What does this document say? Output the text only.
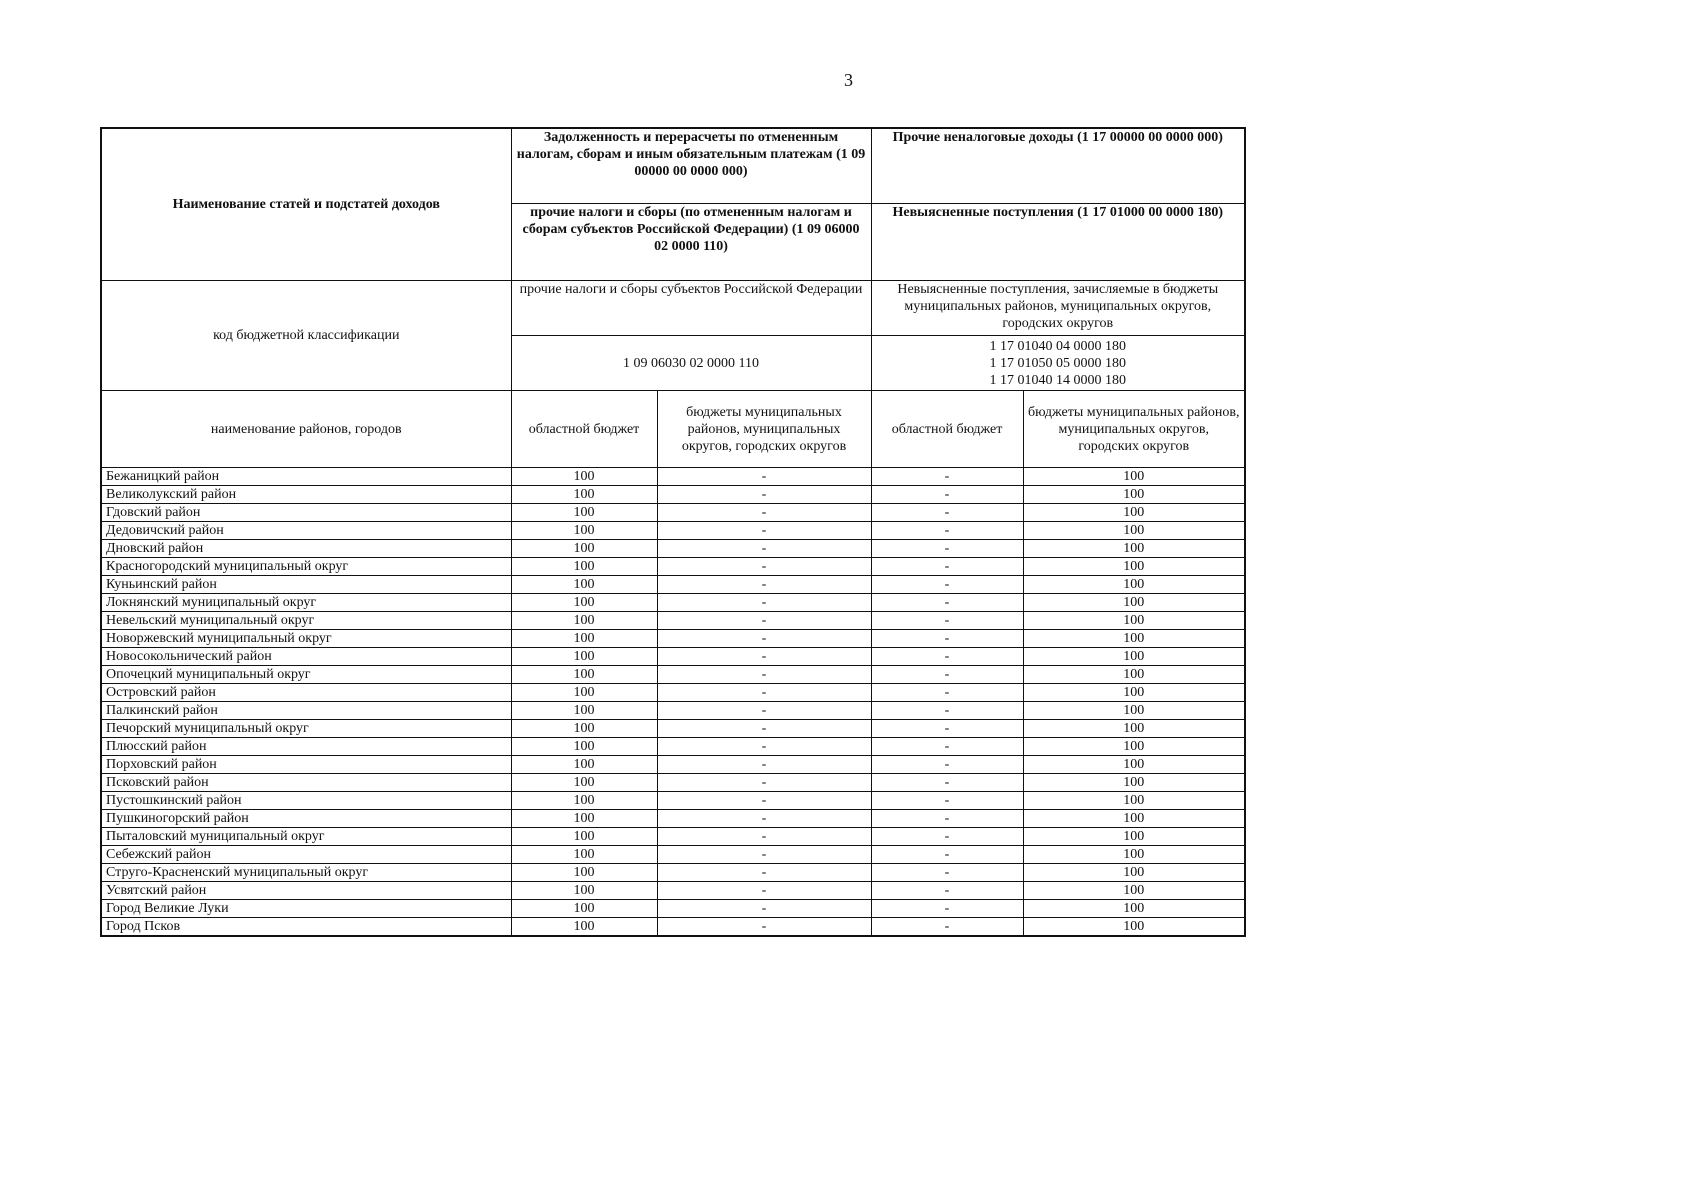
3
Наименование статей и подстатей доходов	Задолженность и перерасчеты по отмененным налогам, сборам и иным обязательным платежам (1 09 00000 00 0000 000)		Прочие неналоговые доходы (1 17 00000 00 0000 000)	
	прочие налоги и сборы (по отмененным налогам и сборам субъектов Российской Федерации) (1 09 06000 02 0000 110)		Невыясненные поступления (1 17 01000 00 0000 180)	
код бюджетной классификации	прочие налоги и сборы субъектов Российской Федерации		Невыясненные поступления, зачисляемые в бюджеты муниципальных районов, муниципальных округов, городских округов	
	1 09 06030 02 0000 110		1 17 01040 04 0000 180
1 17 01050 05 0000 180
1 17 01040 14 0000 180	

наименование районов, городов	областной бюджет	бюджеты муниципальных районов, муниципальных округов, городских округов	областной бюджет	бюджеты муниципальных районов, муниципальных округов, городских округов
Бежаницкий район	100	-	-	100
Великолукский район	100	-	-	100
Гдовский район	100	-	-	100
Дедовичский район	100	-	-	100
Дновский район	100	-	-	100
Красногородский муниципальный округ	100	-	-	100
Куньинский район	100	-	-	100
Локнянский муниципальный округ	100	-	-	100
Невельский муниципальный округ	100	-	-	100
Новоржевский муниципальный округ	100	-	-	100
Новосокольнический район	100	-	-	100
Опочецкий муниципальный округ	100	-	-	100
Островский район	100	-	-	100
Палкинский район	100	-	-	100
Печорский муниципальный округ	100	-	-	100
Плюсский район	100	-	-	100
Порховский район	100	-	-	100
Псковский район	100	-	-	100
Пустошкинский район	100	-	-	100
Пушкиногорский район	100	-	-	100
Пыталовский муниципальный округ	100	-	-	100
Себежский район	100	-	-	100
Струго-Красненский муниципальный округ	100	-	-	100
Усвятский район	100	-	-	100
Город Великие Луки	100	-	-	100
Город Псков	100	-	-	100
